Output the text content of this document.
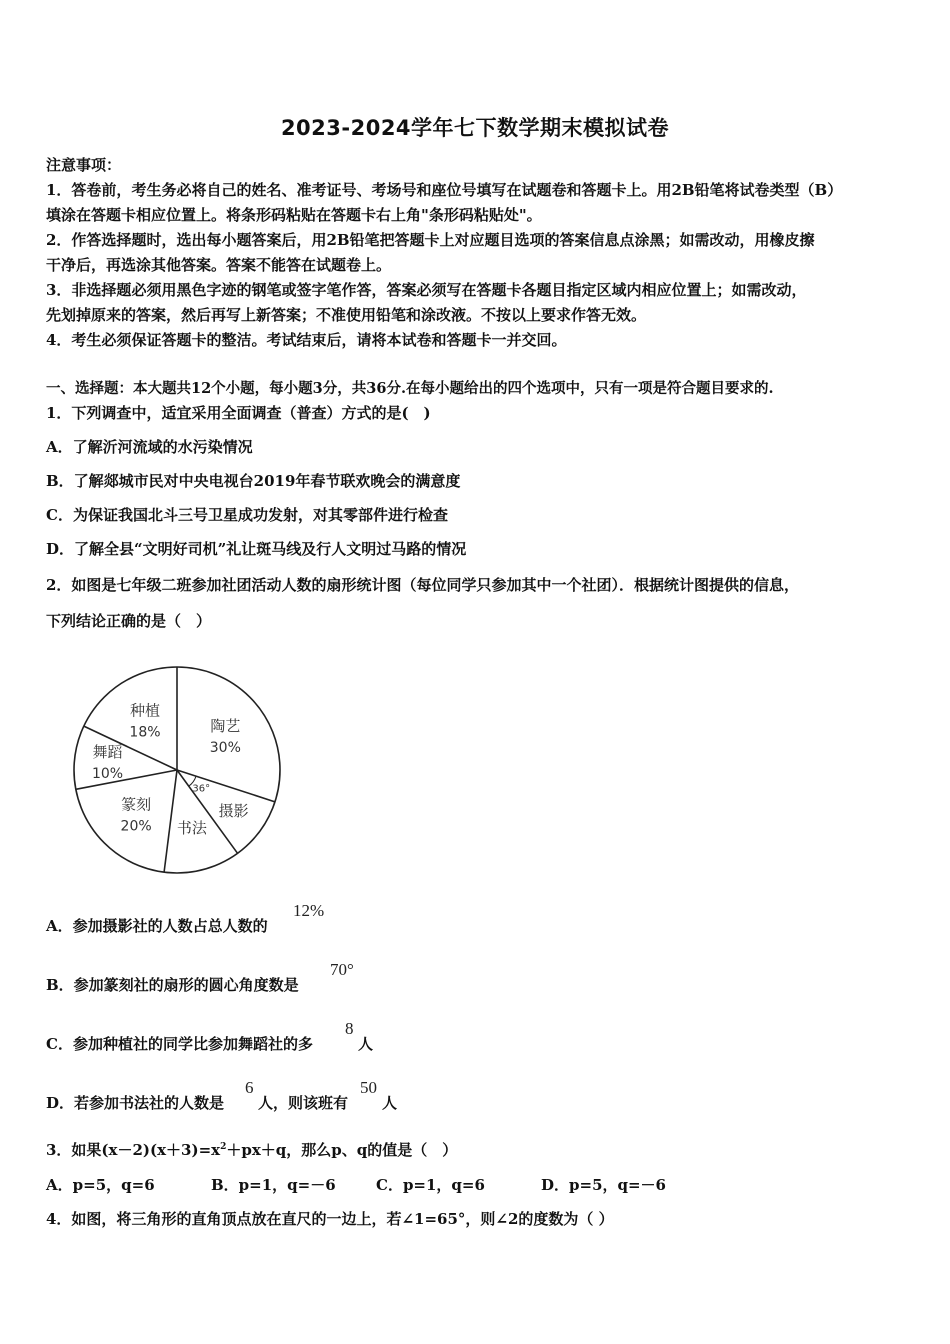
2023-2024学年七下数学期末模拟试卷
注意事项：
1．答卷前，考生务必将自己的姓名、准考证号、考场号和座位号填写在试题卷和答题卡上。用2B铅笔将试卷类型（B）
填涂在答题卡相应位置上。将条形码粘贴在答题卡右上角"条形码粘贴处"。
2．作答选择题时，选出每小题答案后，用2B铅笔把答题卡上对应题目选项的答案信息点涂黑；如需改动，用橡皮擦
干净后，再选涂其他答案。答案不能答在试题卷上。
3．非选择题必须用黑色字迹的钢笔或签字笔作答，答案必须写在答题卡各题目指定区域内相应位置上；如需改动，
先划掉原来的答案，然后再写上新答案；不准使用铅笔和涂改液。不按以上要求作答无效。
4．考生必须保证答题卡的整洁。考试结束后，请将本试卷和答题卡一并交回。
一、选择题：本大题共12个小题，每小题3分，共36分.在每小题给出的四个选项中，只有一项是符合题目要求的.
1．下列调查中，适宜采用全面调查（普查）方式的是(　)
A．了解沂河流域的水污染情况
B．了解郯城市民对中央电视台2019年春节联欢晚会的满意度
C．为保证我国北斗三号卫星成功发射，对其零部件进行检查
D．了解全县“文明好司机”礼让斑马线及行人文明过马路的情况
2．如图是七年级二班参加社团活动人数的扇形统计图（每位同学只参加其中一个社团）．根据统计图提供的信息，
下列结论正确的是（　）
陶艺
30%
摄影
36°
书法
篆刻
20%
舞蹈
10%
种植
18%
A．参加摄影社的人数占总人数的
12%
B．参加篆刻社的扇形的圆心角度数是
70°
C．参加种植社的同学比参加舞蹈社的多
8
人
D．若参加书法社的人数是
6
人，则该班有
50
人
3．如果$(x-2)(x+3)=x^2+px+q$，那么p、q的值是（　）
A．p=5，q=6	B．p=1，q=－6	C．p=1，q=6	D．p=5，q=－6
4．如图，将三角形的直角顶点放在直尺的一边上，若∠1=65°，则∠2的度数为（ ）
